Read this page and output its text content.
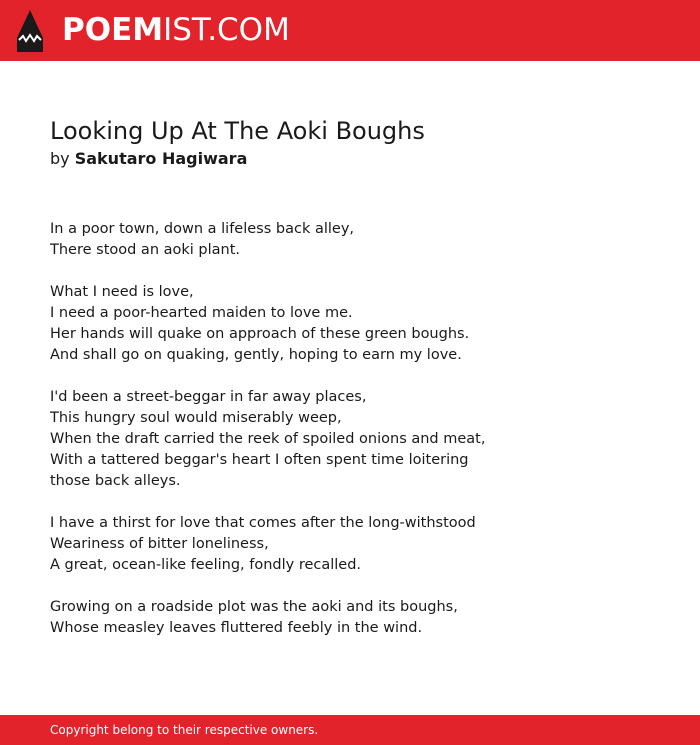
POEMIST.COM
Looking Up At The Aoki Boughs
by Sakutaro Hagiwara
In a poor town, down a lifeless back alley,
There stood an aoki plant.
What I need is love,
I need a poor-hearted maiden to love me.
Her hands will quake on approach of these green boughs.
And shall go on quaking, gently, hoping to earn my love.
I'd been a street-beggar in far away places,
This hungry soul would miserably weep,
When the draft carried the reek of spoiled onions and meat,
With a tattered beggar's heart I often spent time loitering
those back alleys.
I have a thirst for love that comes after the long-withstood
Weariness of bitter loneliness,
A great, ocean-like feeling, fondly recalled.
Growing on a roadside plot was the aoki and its boughs,
Whose measley leaves fluttered feebly in the wind.
Copyright belong to their respective owners.
